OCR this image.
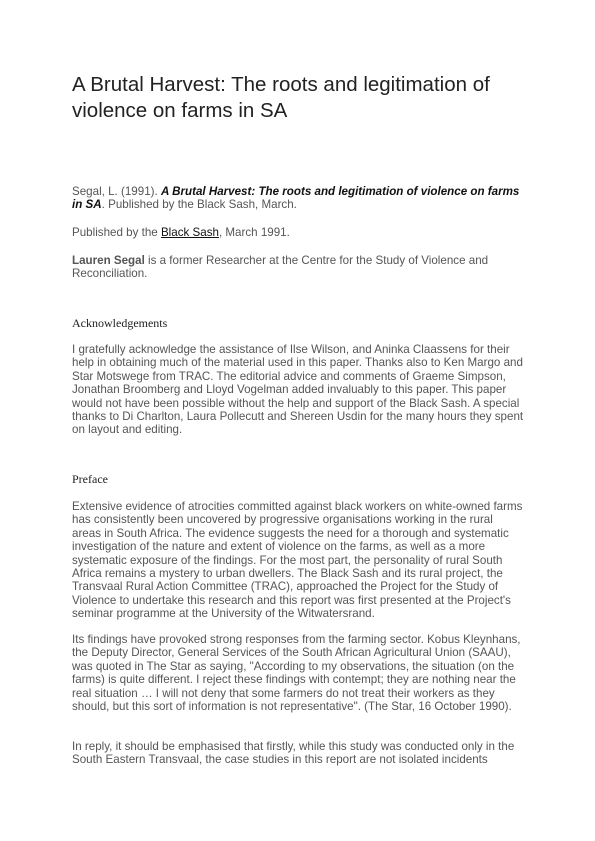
A Brutal Harvest: The roots and legitimation of violence on farms in SA

Segal, L. (1991). A Brutal Harvest: The roots and legitimation of violence on farms in SA. Published by the Black Sash, March.

Published by the Black Sash, March 1991.

Lauren Segal is a former Researcher at the Centre for the Study of Violence and Reconciliation.

Acknowledgements

I gratefully acknowledge the assistance of Ilse Wilson, and Aninka Claassens for their help in obtaining much of the material used in this paper. Thanks also to Ken Margo and Star Motswege from TRAC. The editorial advice and comments of Graeme Simpson, Jonathan Broomberg and Lloyd Vogelman added invaluably to this paper. This paper would not have been possible without the help and support of the Black Sash. A special thanks to Di Charlton, Laura Pollecutt and Shereen Usdin for the many hours they spent on layout and editing.

Preface

Extensive evidence of atrocities committed against black workers on white-owned farms has consistently been uncovered by progressive organisations working in the rural areas in South Africa. The evidence suggests the need for a thorough and systematic investigation of the nature and extent of violence on the farms, as well as a more systematic exposure of the findings. For the most part, the personality of rural South Africa remains a mystery to urban dwellers. The Black Sash and its rural project, the Transvaal Rural Action Committee (TRAC), approached the Project for the Study of Violence to undertake this research and this report was first presented at the Project's seminar programme at the University of the Witwatersrand.

Its findings have provoked strong responses from the farming sector. Kobus Kleynhans, the Deputy Director, General Services of the South African Agricultural Union (SAAU), was quoted in The Star as saying, "According to my observations, the situation (on the farms) is quite different. I reject these findings with contempt; they are nothing near the real situation … I will not deny that some farmers do not treat their workers as they should, but this sort of information is not representative". (The Star, 16 October 1990).

In reply, it should be emphasised that firstly, while this study was conducted only in the South Eastern Transvaal, the case studies in this report are not isolated incidents
